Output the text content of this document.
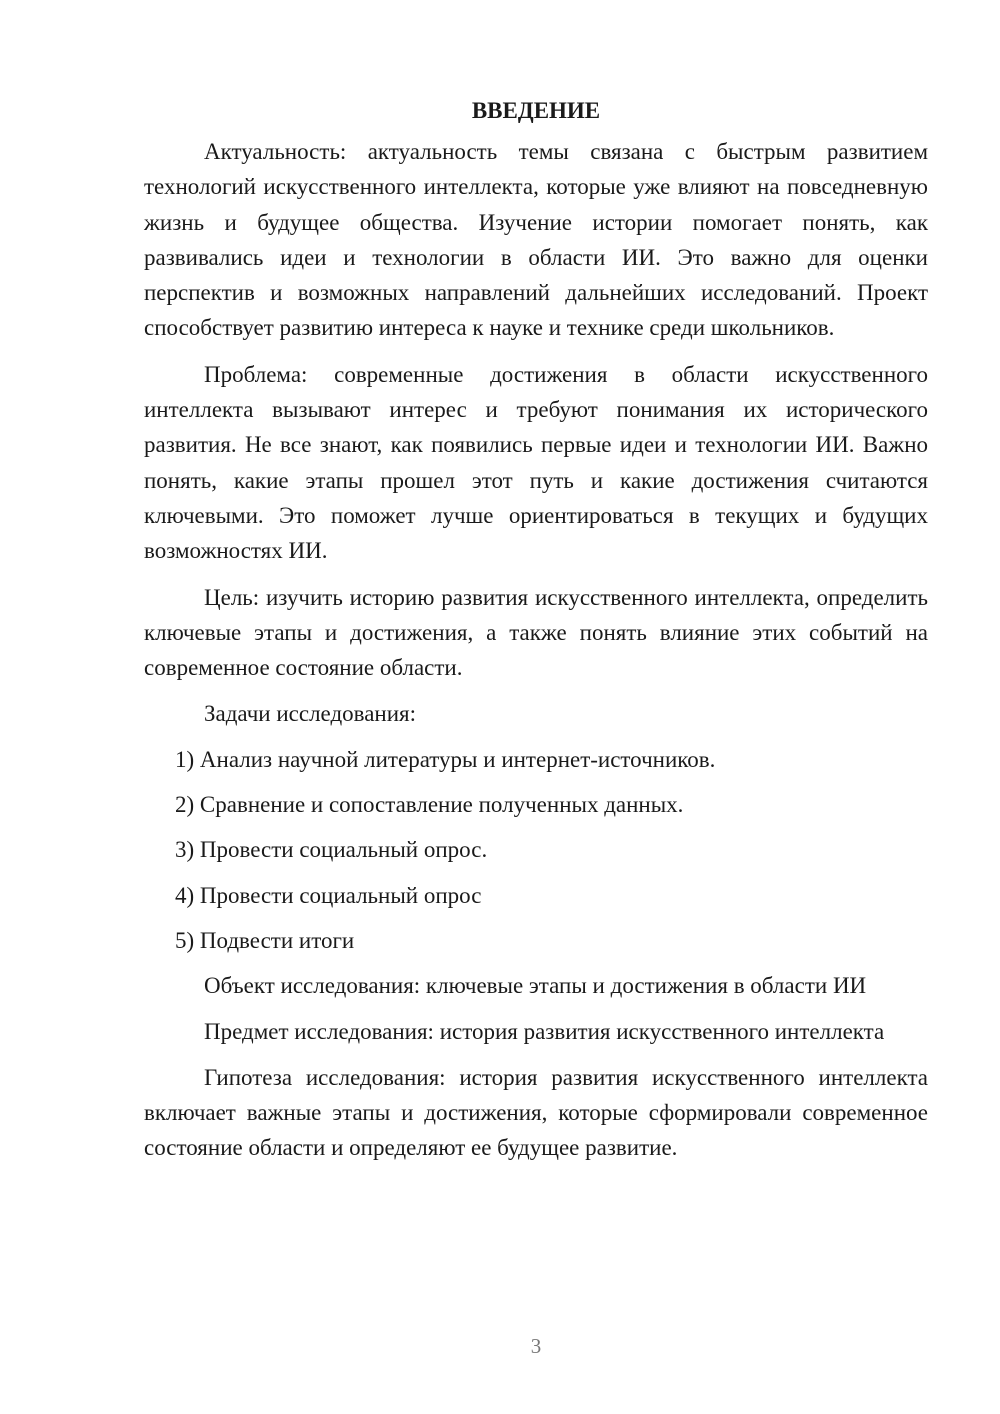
ВВЕДЕНИЕ

Актуальность: актуальность темы связана с быстрым развитием технологий искусственного интеллекта, которые уже влияют на повседневную жизнь и будущее общества. Изучение истории помогает понять, как развивались идеи и технологии в области ИИ. Это важно для оценки перспектив и возможных направлений дальнейших исследований. Проект способствует развитию интереса к науке и технике среди школьников.

Проблема: современные достижения в области искусственного интеллекта вызывают интерес и требуют понимания их исторического развития. Не все знают, как появились первые идеи и технологии ИИ. Важно понять, какие этапы прошел этот путь и какие достижения считаются ключевыми. Это поможет лучше ориентироваться в текущих и будущих возможностях ИИ.

Цель: изучить историю развития искусственного интеллекта, определить ключевые этапы и достижения, а также понять влияние этих событий на современное состояние области.

Задачи исследования:
1) Анализ научной литературы и интернет-источников.
2) Сравнение и сопоставление полученных данных.
3) Провести социальный опрос.
4) Провести социальный опрос
5) Подвести итоги
Объект исследования: ключевые этапы и достижения в области ИИ

Предмет исследования: история развития искусственного интеллекта

Гипотеза исследования: история развития искусственного интеллекта включает важные этапы и достижения, которые сформировали современное состояние области и определяют ее будущее развитие.

3
